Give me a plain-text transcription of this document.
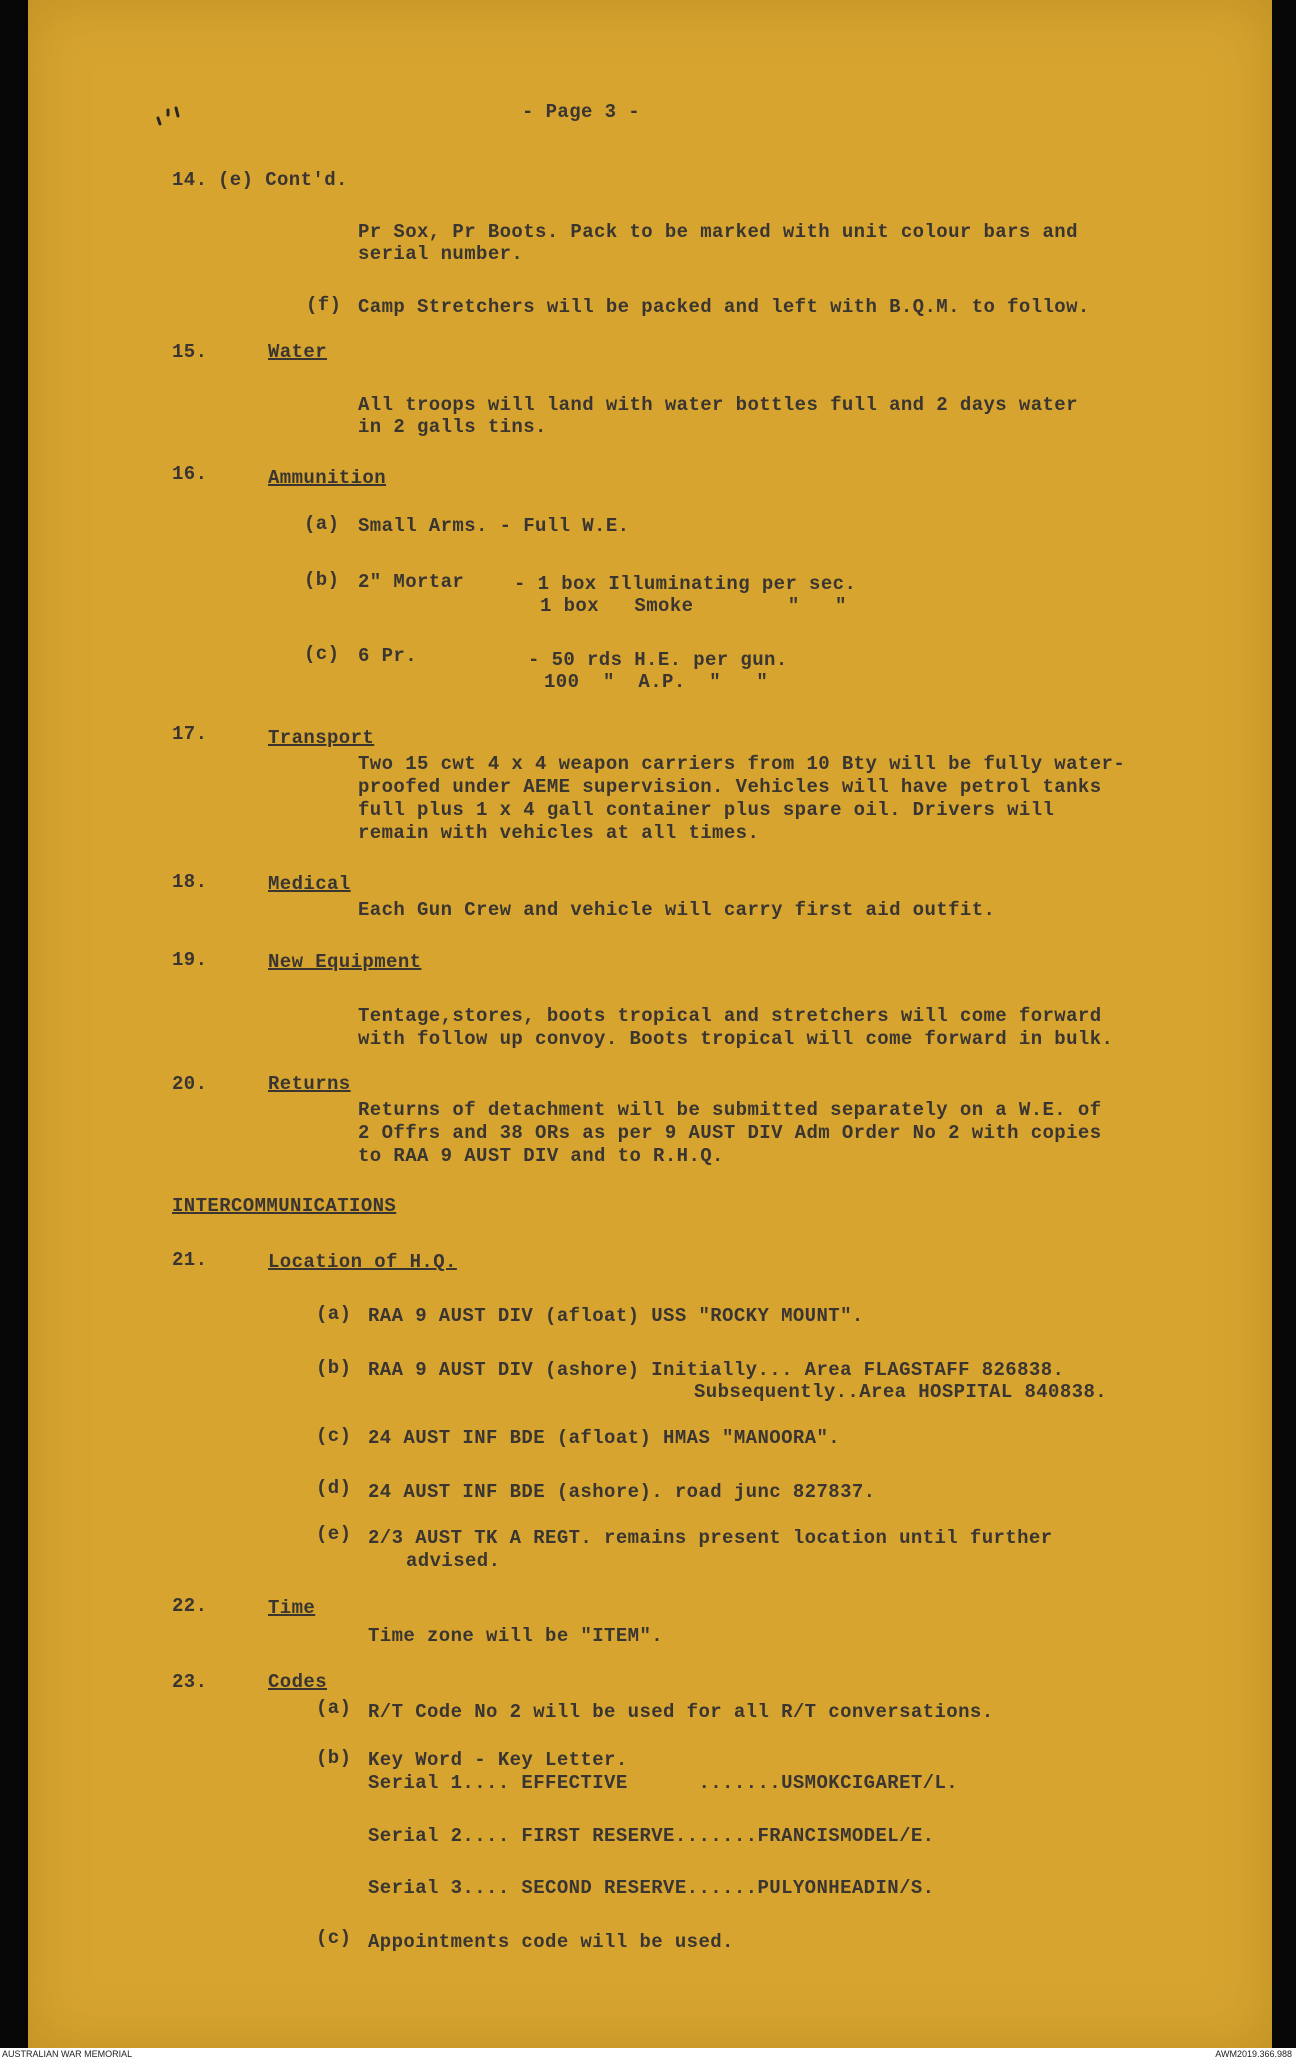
- Page 3 -
14. (e) Cont'd.
Pr Sox, Pr Boots. Pack to be marked with unit colour bars and
serial number.
(f) Camp Stretchers will be packed and left with B.Q.M. to follow.
15.	Water
All troops will land with water bottles full and 2 days water
in 2 galls tins.
16.	Ammunition
(a) Small Arms. - Full W.E.
(b) 2" Mortar	- 1 box Illuminating per sec.
1 box   Smoke        "   "
(c) 6 Pr.	- 50 rds H.E. per gun.
100  "  A.P.  "   "
17.	Transport
Two 15 cwt 4 x 4 weapon carriers from 10 Bty will be fully water-
proofed under AEME supervision. Vehicles will have petrol tanks
full plus 1 x 4 gall container plus spare oil. Drivers will
remain with vehicles at all times.
18.	Medical
Each Gun Crew and vehicle will carry first aid outfit.
19.	New Equipment
Tentage,stores, boots tropical and stretchers will come forward
with follow up convoy. Boots tropical will come forward in bulk.
20.	Returns
Returns of detachment will be submitted separately on a W.E. of
2 Offrs and 38 ORs as per 9 AUST DIV Adm Order No 2 with copies
to RAA 9 AUST DIV and to R.H.Q.
INTERCOMMUNICATIONS
21.	Location of H.Q.
(a) RAA 9 AUST DIV (afloat) USS "ROCKY MOUNT".
(b) RAA 9 AUST DIV (ashore) Initially... Area FLAGSTAFF 826838.
Subsequently..Area HOSPITAL 840838.
(c) 24 AUST INF BDE (afloat) HMAS "MANOORA".
(d) 24 AUST INF BDE (ashore). road junc 827837.
(e) 2/3 AUST TK A REGT. remains present location until further
advised.
22.	Time
Time zone will be "ITEM".
23.	Codes
(a) R/T Code No 2 will be used for all R/T conversations.
(b) Key Word - Key Letter.
Serial 1.... EFFECTIVE      .......USMOKCIGARET/L.
Serial 2.... FIRST RESERVE.......FRANCISMODEL/E.
Serial 3.... SECOND RESERVE......PULYONHEADIN/S.
(c) Appointments code will be used.
AUSTRALIAN WAR MEMORIAL	AWM2019.366.988
